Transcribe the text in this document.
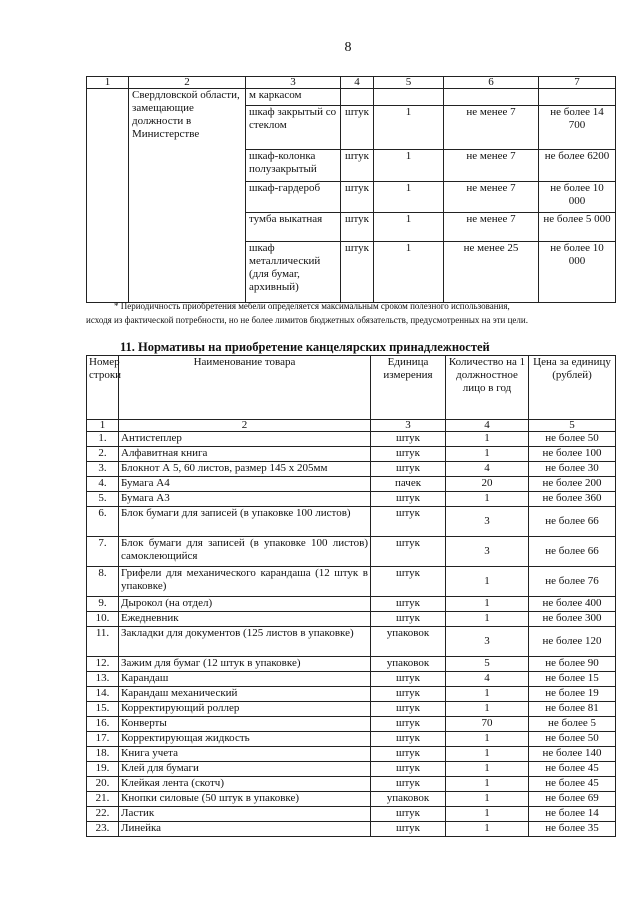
8
1	2	3	4	5	6	7
	Свердловской области, замещающие должности в Министерстве	м каркасом				
		шкаф закрытый со стеклом	штук	1	не менее 7	не более 14 700
		шкаф-колонка полузакрытый	штук	1	не менее 7	не более 6200
		шкаф-гардероб	штук	1	не менее 7	не более 10 000
		тумба выкатная	штук	1	не менее 7	не более 5 000
		шкаф металлический (для бумаг, архивный)	штук	1	не менее 25	не более 10 000

* Периодичность приобретения мебели определяется максимальным сроком полезного использования,

исходя из фактической потребности, но не более лимитов бюджетных обязательств, предусмотренных на эти цели.

11. Нормативы на приобретение канцелярских принадлежностей
Номер строки	Наименование товара	Единица измерения	Количество на 1 должностное лицо в год	Цена за единицу (рублей)
1	2	3	4	5
1.	Антистеплер	штук	1	не более 50
2.	Алфавитная книга	штук	1	не более 100
3.	Блокнот А 5, 60 листов, размер 145 х 205мм	штук	4	не более 30
4.	Бумага А4	пачек	20	не более 200
5.	Бумага А3	штук	1	не более 360
6.	Блок бумаги для записей (в упаковке 100 листов)	штук	3	не более 66
7.	Блок бумаги для записей (в упаковке 100 листов) самоклеющийся	штук	3	не более 66
8.	Грифели для механического карандаша (12 штук в упаковке)	штук	1	не более 76
9.	Дырокол (на отдел)	штук	1	не более 400
10.	Ежедневник	штук	1	не более 300
11.	Закладки для документов (125 листов в упаковке)	упаковок	3	не более 120
12.	Зажим для бумаг (12 штук в упаковке)	упаковок	5	не более 90
13.	Карандаш	штук	4	не более 15
14.	Карандаш механический	штук	1	не более 19
15.	Корректирующий роллер	штук	1	не более 81
16.	Конверты	штук	70	не более 5
17.	Корректирующая жидкость	штук	1	не более 50
18.	Книга учета	штук	1	не более 140
19.	Клей для бумаги	штук	1	не более 45
20.	Клейкая лента (скотч)	штук	1	не более 45
21.	Кнопки силовые (50 штук в упаковке)	упаковок	1	не более 69
22.	Ластик	штук	1	не более 14
23.	Линейка	штук	1	не более 35
